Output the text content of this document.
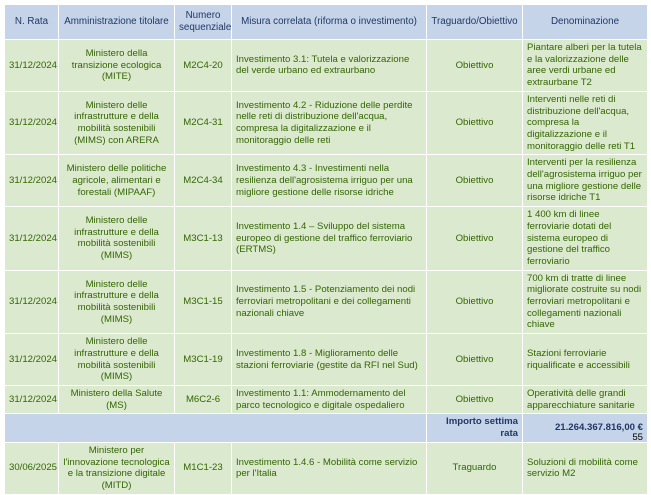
N. Rata	Amministrazione titolare	Numero sequenziale	Misura correlata (riforma o investimento)	Traguardo/Obiettivo	Denominazione
31/12/2024	Ministero della transizione ecologica (MITE)	M2C4-20	Investimento 3.1: Tutela e valorizzazione del verde urbano ed extraurbano	Obiettivo	Piantare alberi per la tutela e la valorizzazione delle aree verdi urbane ed extraurbane T2
31/12/2024	Ministero delle infrastrutture e della mobilità sostenibili (MIMS) con ARERA	M2C4-31	Investimento 4.2 - Riduzione delle perdite nelle reti di distribuzione dell'acqua, compresa la digitalizzazione e il monitoraggio delle reti	Obiettivo	Interventi nelle reti di distribuzione dell'acqua, compresa la digitalizzazione e il monitoraggio delle reti T1
31/12/2024	Ministero delle politiche agricole, alimentari e forestali (MIPAAF)	M2C4-34	Investimento 4.3 - Investimenti nella resilienza dell'agrosistema irriguo per una migliore gestione delle risorse idriche	Obiettivo	Interventi per la resilienza dell'agrosistema irriguo per una migliore gestione delle risorse idriche T1
31/12/2024	Ministero delle infrastrutture e della mobilità sostenibili (MIMS)	M3C1-13	Investimento 1.4 – Sviluppo del sistema europeo di gestione del traffico ferroviario (ERTMS)	Obiettivo	1 400 km di linee ferroviarie dotati del sistema europeo di gestione del traffico ferroviario
31/12/2024	Ministero delle infrastrutture e della mobilità sostenibili (MIMS)	M3C1-15	Investimento 1.5 - Potenziamento dei nodi ferroviari metropolitani e dei collegamenti nazionali chiave	Obiettivo	700 km di tratte di linee migliorate costruite su nodi ferroviari metropolitani e collegamenti nazionali chiave
31/12/2024	Ministero delle infrastrutture e della mobilità sostenibili (MIMS)	M3C1-19	Investimento 1.8 - Miglioramento delle stazioni ferroviarie (gestite da RFI nel Sud)	Obiettivo	Stazioni ferroviarie riqualificate e accessibili
31/12/2024	Ministero della Salute (MS)	M6C2-6	Investimento 1.1: Ammodernamento del parco tecnologico e digitale ospedaliero	Obiettivo	Operatività delle grandi apparecchiature sanitarie
				Importo settima rata	21.264.367.816,00 €
30/06/2025	Ministero per l'innovazione tecnologica e la transizione digitale (MITD)	M1C1-23	Investimento 1.4.6 - Mobilità come servizio per l'Italia	Traguardo	Soluzioni di mobilità come servizio M2
55
